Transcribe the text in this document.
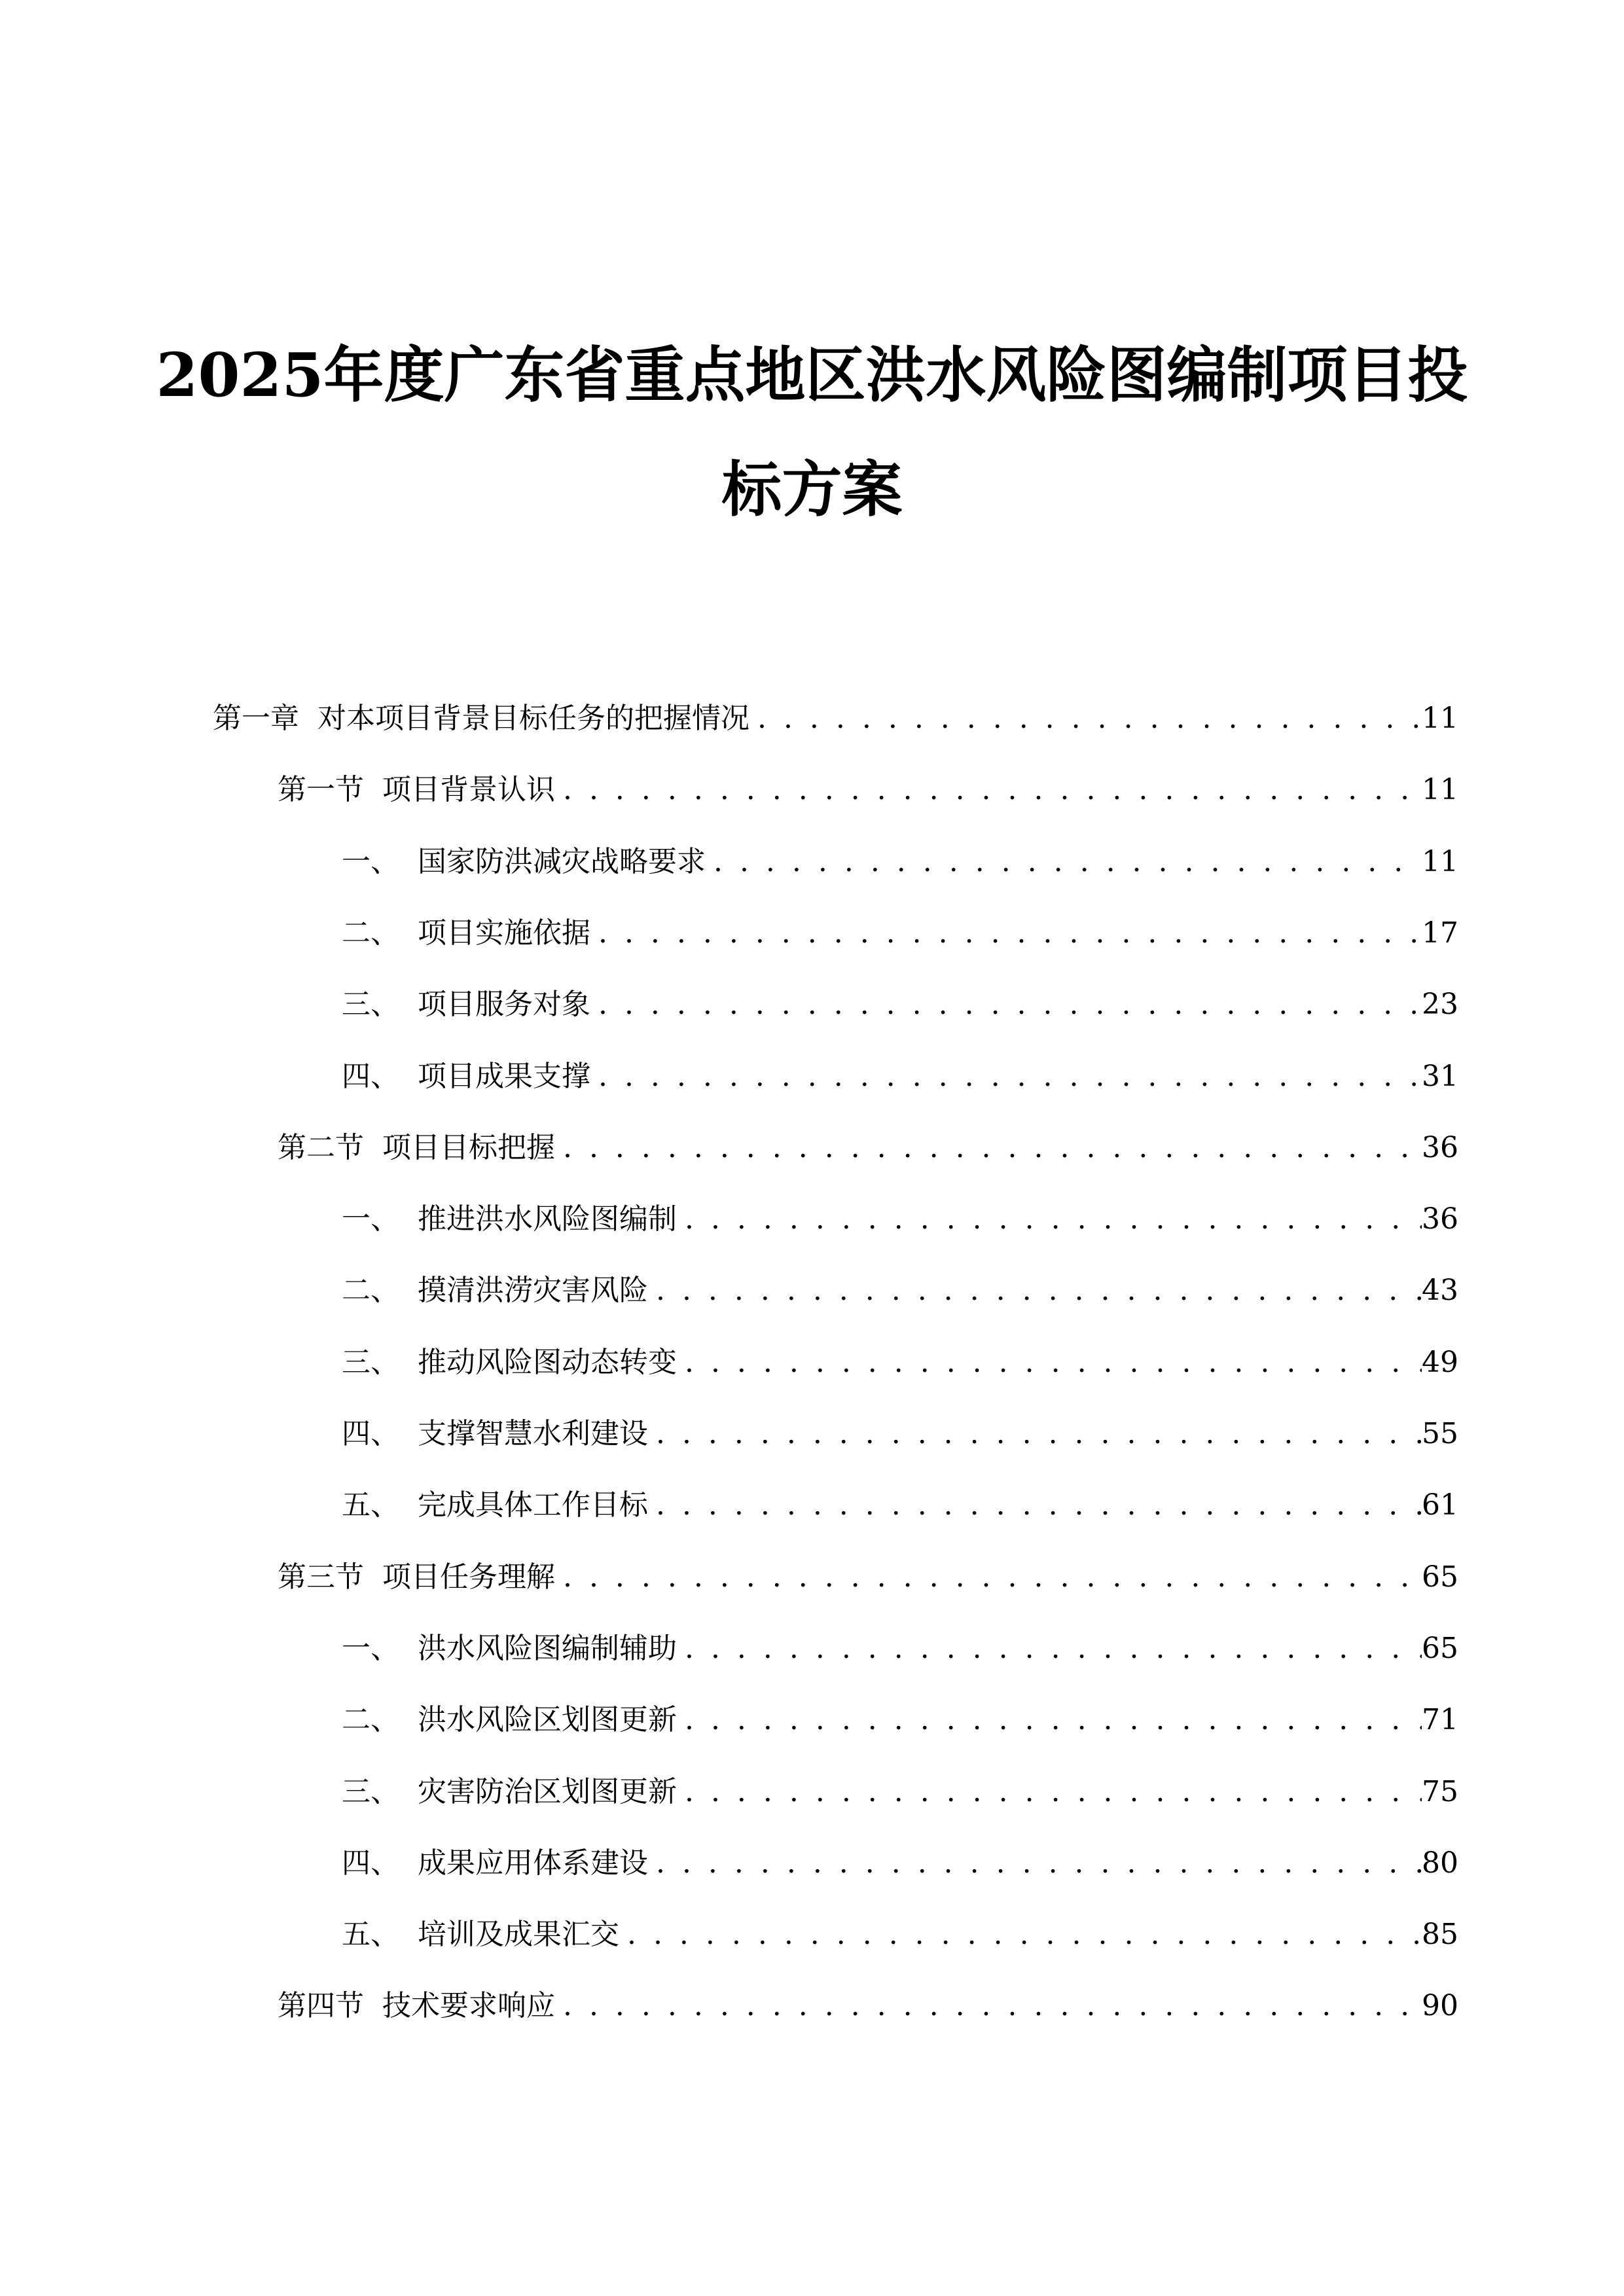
2025年度广东省重点地区洪水风险图编制项目投
标方案
第一章  对本项目背景目标任务的把握情况 . . .	11
第一节  项目背景认识 . . .	11
一、  国家防洪减灾战略要求 . . .	11
二、  项目实施依据 . . .	17
三、  项目服务对象 . . .	23
四、  项目成果支撑 . . .	31
第二节  项目目标把握 . . .	36
一、  推进洪水风险图编制 . . .	36
二、  摸清洪涝灾害风险 . . .	43
三、  推动风险图动态转变 . . .	49
四、  支撑智慧水利建设 . . .	55
五、  完成具体工作目标 . . .	61
第三节  项目任务理解 . . .	65
一、  洪水风险图编制辅助 . . .	65
二、  洪水风险区划图更新 . . .	71
三、  灾害防治区划图更新 . . .	75
四、  成果应用体系建设 . . .	80
五、  培训及成果汇交 . . .	85
第四节  技术要求响应 . . .	90
